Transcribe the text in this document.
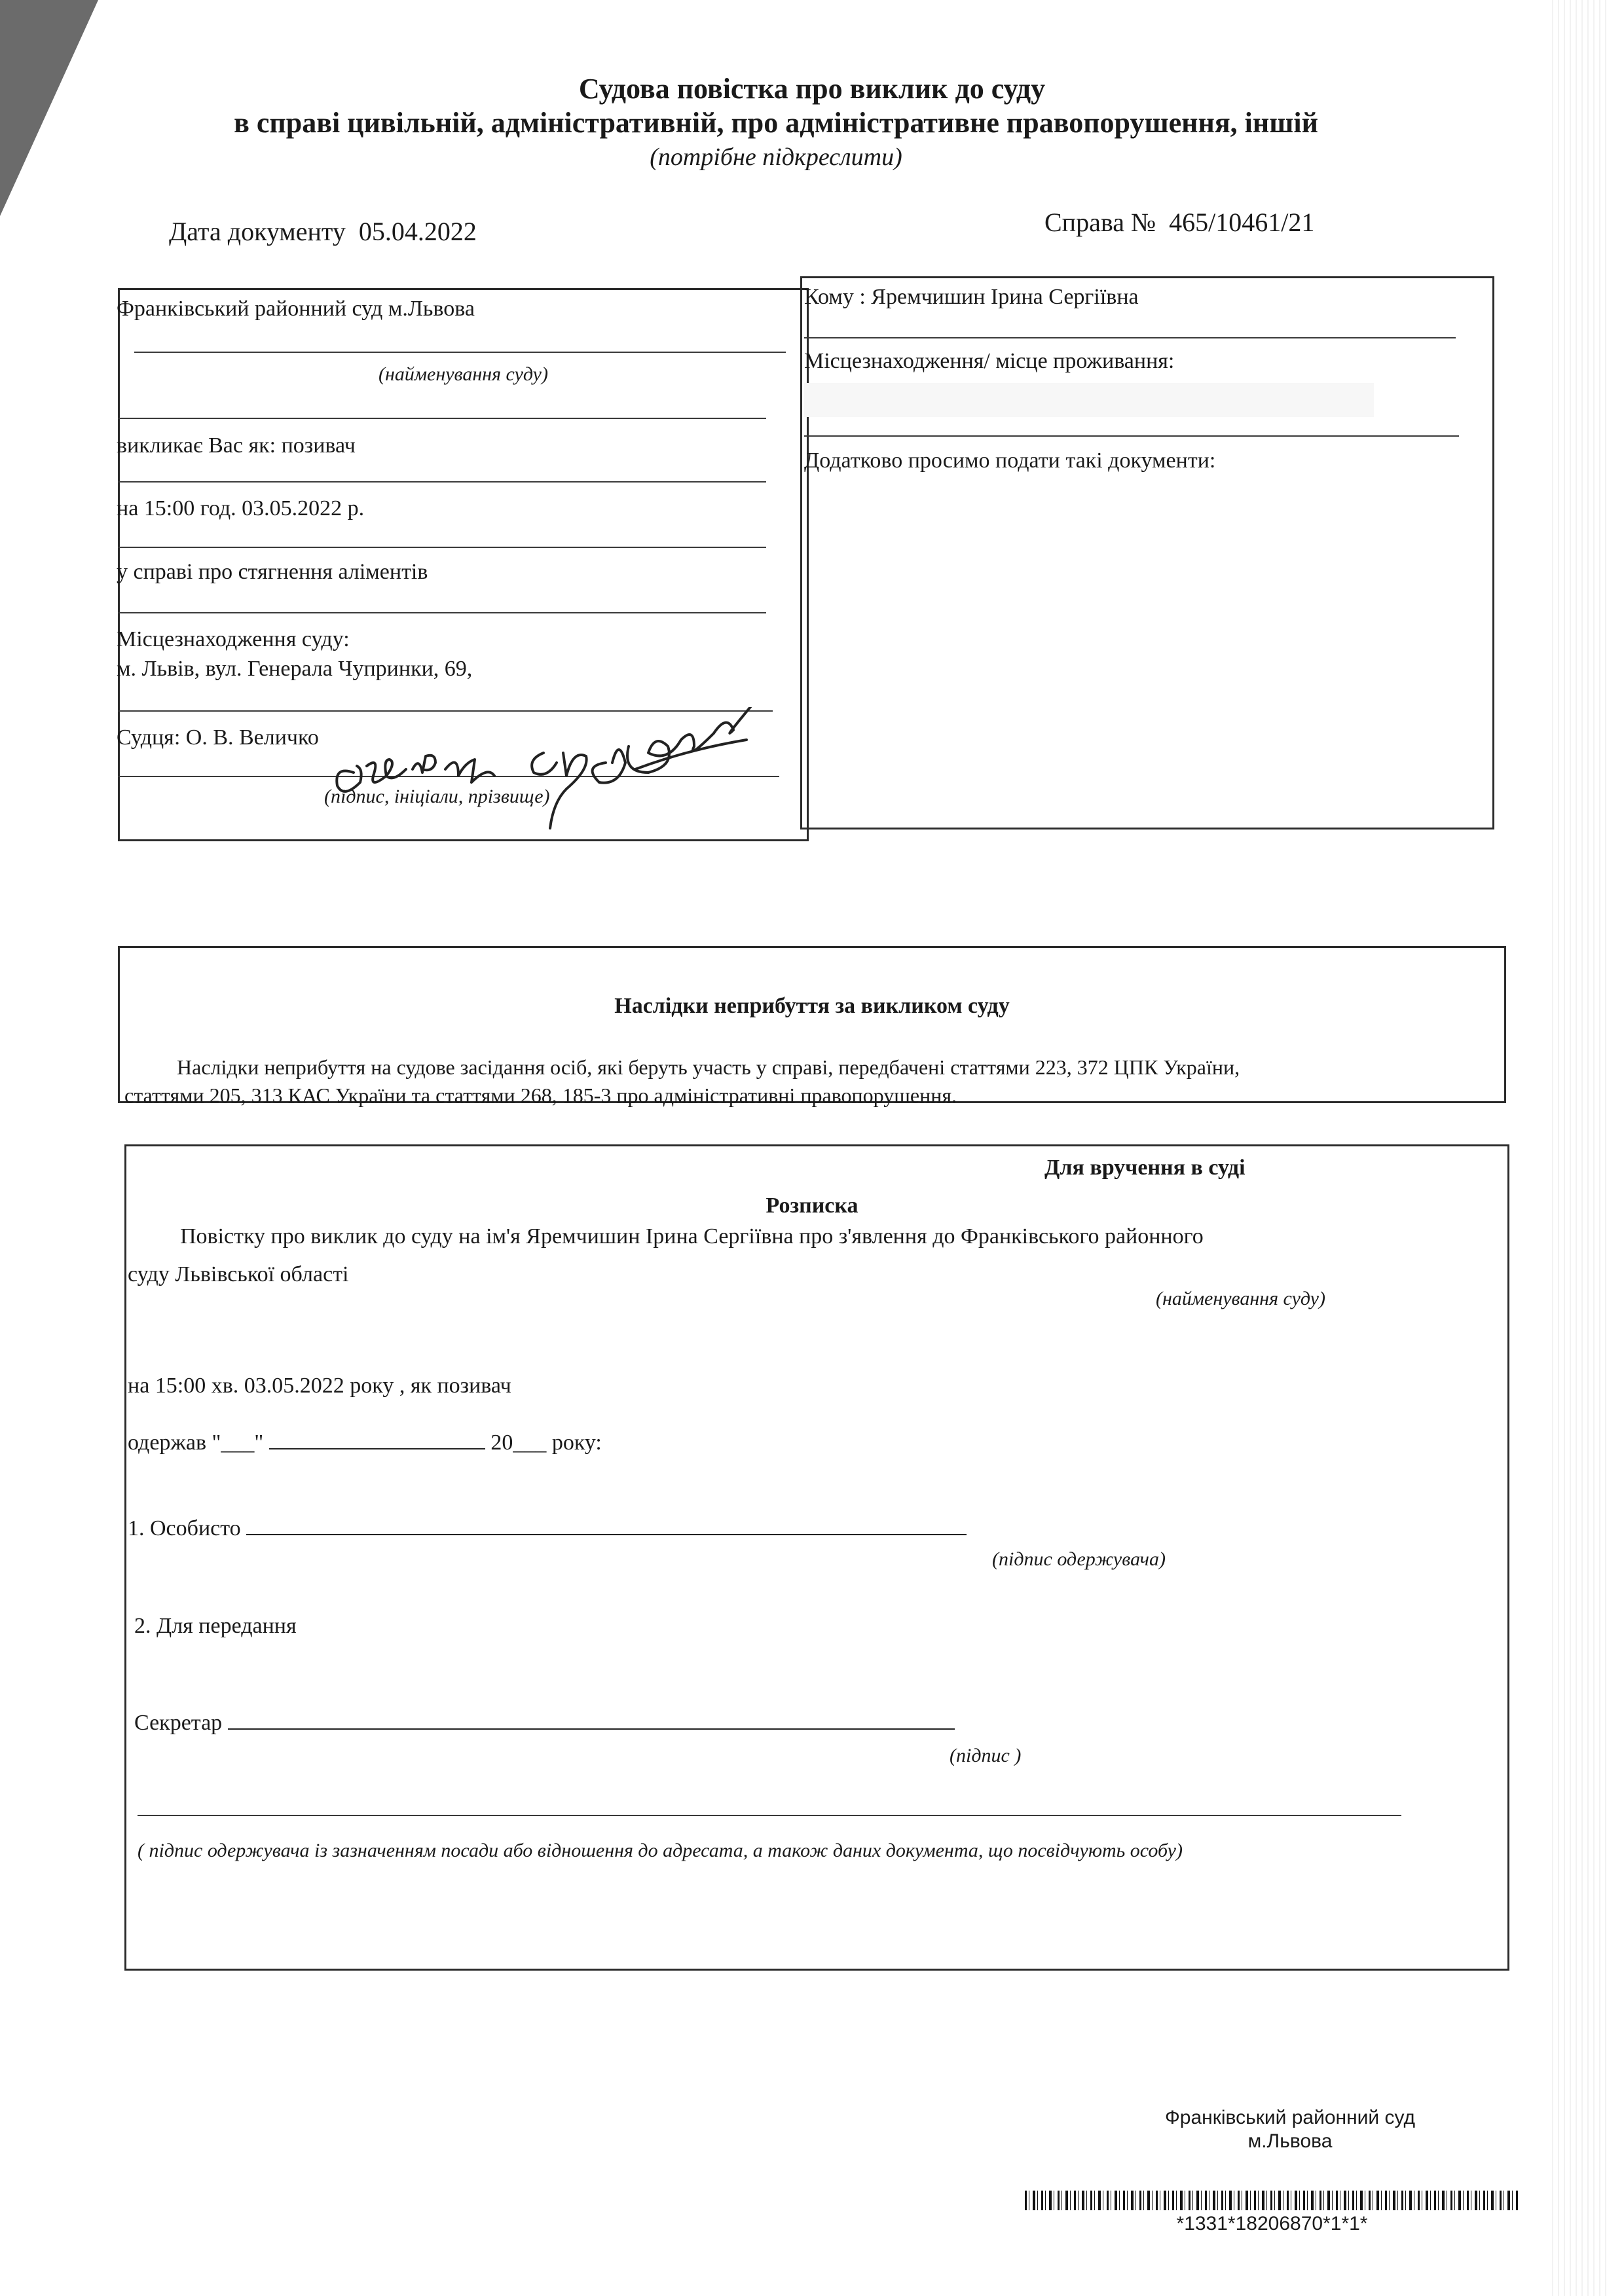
Судова повістка про виклик до суду
в справі цивільній, адміністративній, про адміністративне правопорушення, іншій
(потрібне підкреслити)
Дата документу 05.04.2022	Справа № 465/10461/21
Франківський районний суд м.Львова
(найменування суду)
викликає Вас як: позивач
на 15:00 год. 03.05.2022 р.
у справі про стягнення аліментів
Місцезнаходження суду:
м. Львів, вул. Генерала Чупринки, 69,
Судця: О. В. Величко
(підпис, ініціали, прізвище)
Кому : Яремчишин Ірина Сергіївна
Місцезнаходження/ місце проживання:
Додатково просимо подати такі документи:
Наслідки неприбуття за викликом суду
Наслідки неприбуття на судове засідання осіб, які беруть участь у справі, передбачені статтями 223, 372 ЦПК України,
статтями 205, 313 КАС України та статтями 268, 185-3 про адміністративні правопорушення.
Для вручення в суді
Розписка
Повістку про виклик до суду на ім'я Яремчишин Ірина Сергіївна про з'явлення до Франківського районного
суду Львівської області
(найменування суду)
на 15:00 хв. 03.05.2022 року , як позивач
одержав "___"	20___ року:
1. Особисто
(підпис одержувача)
2. Для передання
Секретар
(підпис )
( підпис одержувача із зазначенням посади або відношення до адресата, а також даних документа, що посвідчують особу)
Франківський районний суд
м.Львова
*1331*18206870*1*1*
